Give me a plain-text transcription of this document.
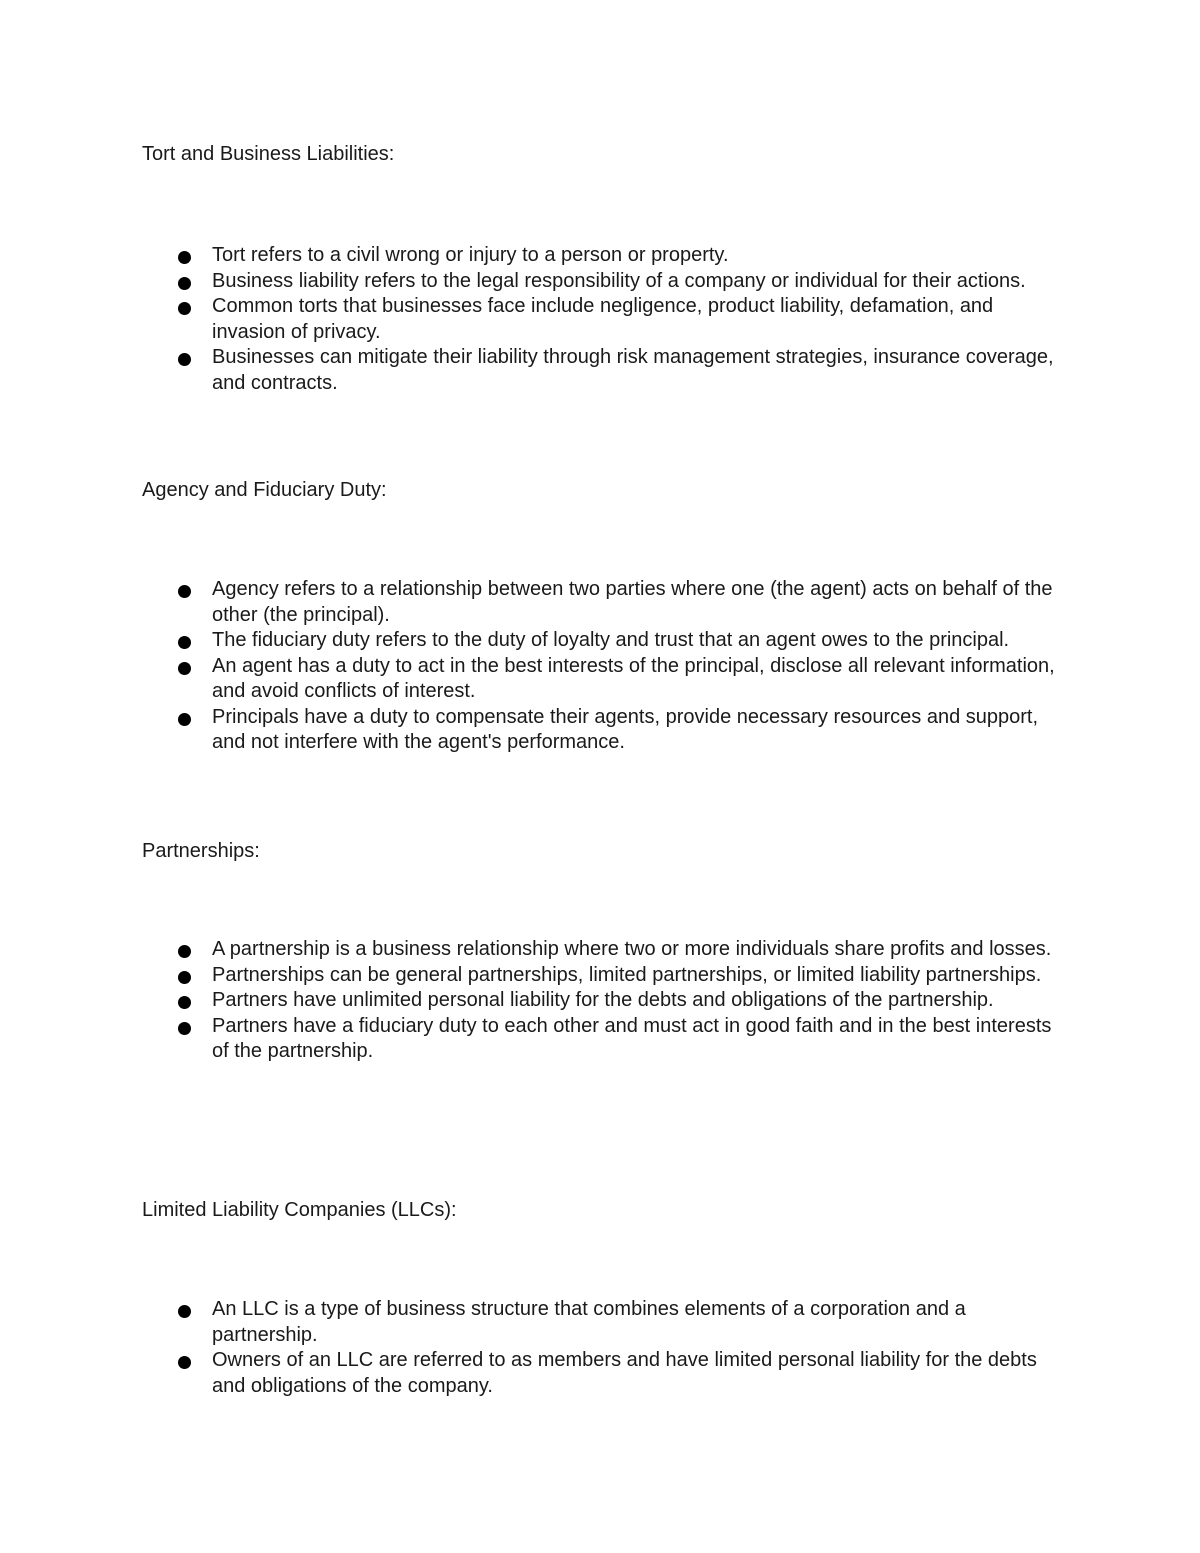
Tort and Business Liabilities:
Tort refers to a civil wrong or injury to a person or property.
Business liability refers to the legal responsibility of a company or individual for their actions.
Common torts that businesses face include negligence, product liability, defamation, and invasion of privacy.
Businesses can mitigate their liability through risk management strategies, insurance coverage, and contracts.
Agency and Fiduciary Duty:
Agency refers to a relationship between two parties where one (the agent) acts on behalf of the other (the principal).
The fiduciary duty refers to the duty of loyalty and trust that an agent owes to the principal.
An agent has a duty to act in the best interests of the principal, disclose all relevant information, and avoid conflicts of interest.
Principals have a duty to compensate their agents, provide necessary resources and support, and not interfere with the agent's performance.
Partnerships:
A partnership is a business relationship where two or more individuals share profits and losses.
Partnerships can be general partnerships, limited partnerships, or limited liability partnerships.
Partners have unlimited personal liability for the debts and obligations of the partnership.
Partners have a fiduciary duty to each other and must act in good faith and in the best interests of the partnership.
Limited Liability Companies (LLCs):
An LLC is a type of business structure that combines elements of a corporation and a partnership.
Owners of an LLC are referred to as members and have limited personal liability for the debts and obligations of the company.
